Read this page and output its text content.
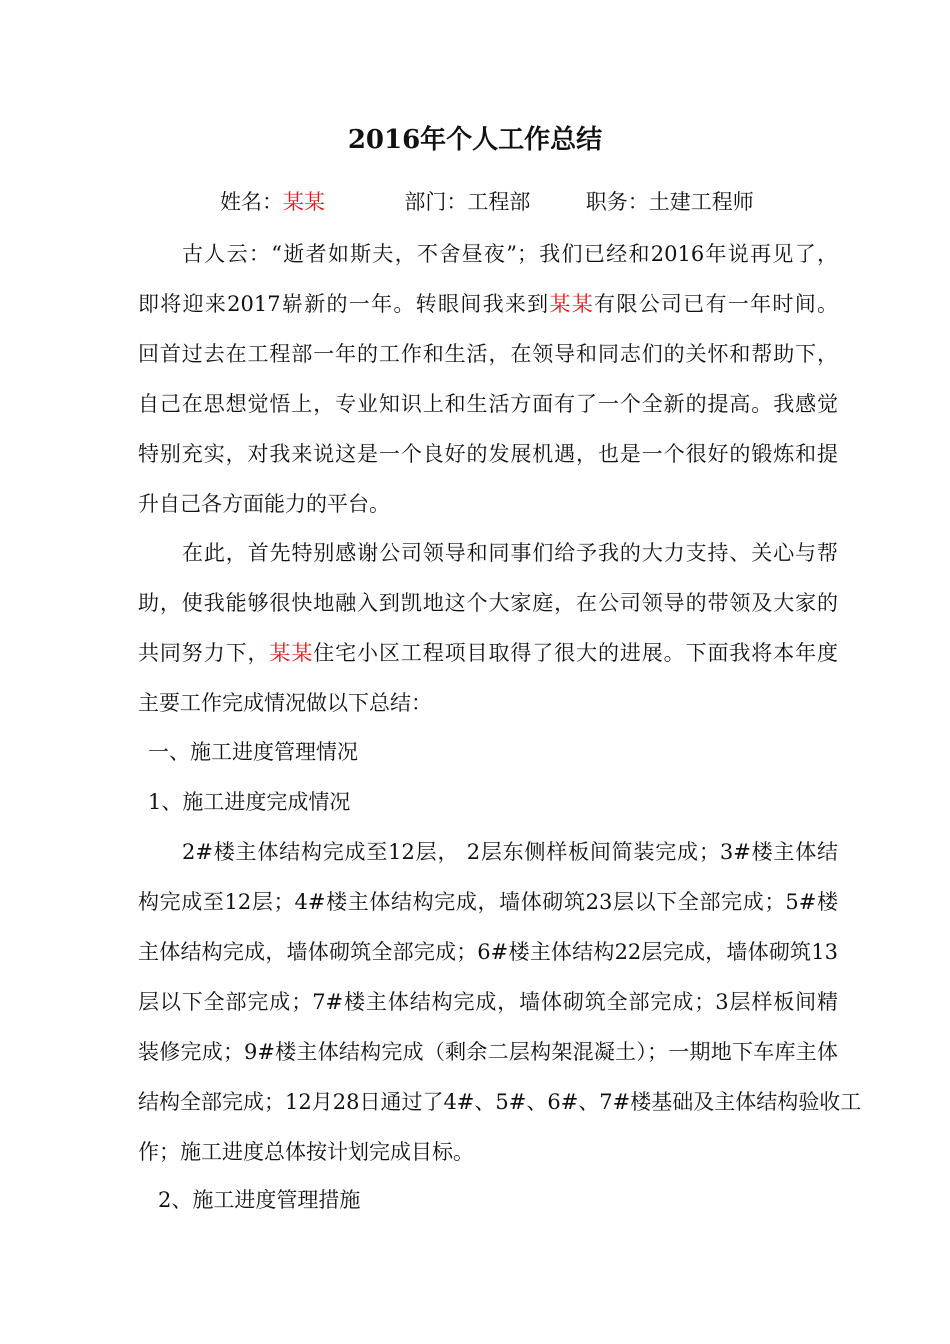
2016年个人工作总结
姓名：某某	部门：工程部	职务：土建工程师
古人云：“逝者如斯夫，不舍昼夜”；我们已经和2016年说再见了，
即将迎来2017崭新的一年。转眼间我来到某某有限公司已有一年时间。
回首过去在工程部一年的工作和生活，在领导和同志们的关怀和帮助下，
自己在思想觉悟上，专业知识上和生活方面有了一个全新的提高。我感觉
特别充实，对我来说这是一个良好的发展机遇，也是一个很好的锻炼和提
升自己各方面能力的平台。
在此，首先特别感谢公司领导和同事们给予我的大力支持、关心与帮
助，使我能够很快地融入到凯地这个大家庭，在公司领导的带领及大家的
共同努力下，某某住宅小区工程项目取得了很大的进展。下面我将本年度
主要工作完成情况做以下总结：
一、施工进度管理情况
1、施工进度完成情况
2#楼主体结构完成至12层， 2层东侧样板间简装完成；3#楼主体结
构完成至12层；4#楼主体结构完成，墙体砌筑23层以下全部完成；5#楼
主体结构完成，墙体砌筑全部完成；6#楼主体结构22层完成，墙体砌筑13
层以下全部完成；7#楼主体结构完成，墙体砌筑全部完成；3层样板间精
装修完成；9#楼主体结构完成（剩余二层构架混凝土）；一期地下车库主体
结构全部完成；12月28日通过了4#、5#、6#、7#楼基础及主体结构验收工
作；施工进度总体按计划完成目标。
2、施工进度管理措施
